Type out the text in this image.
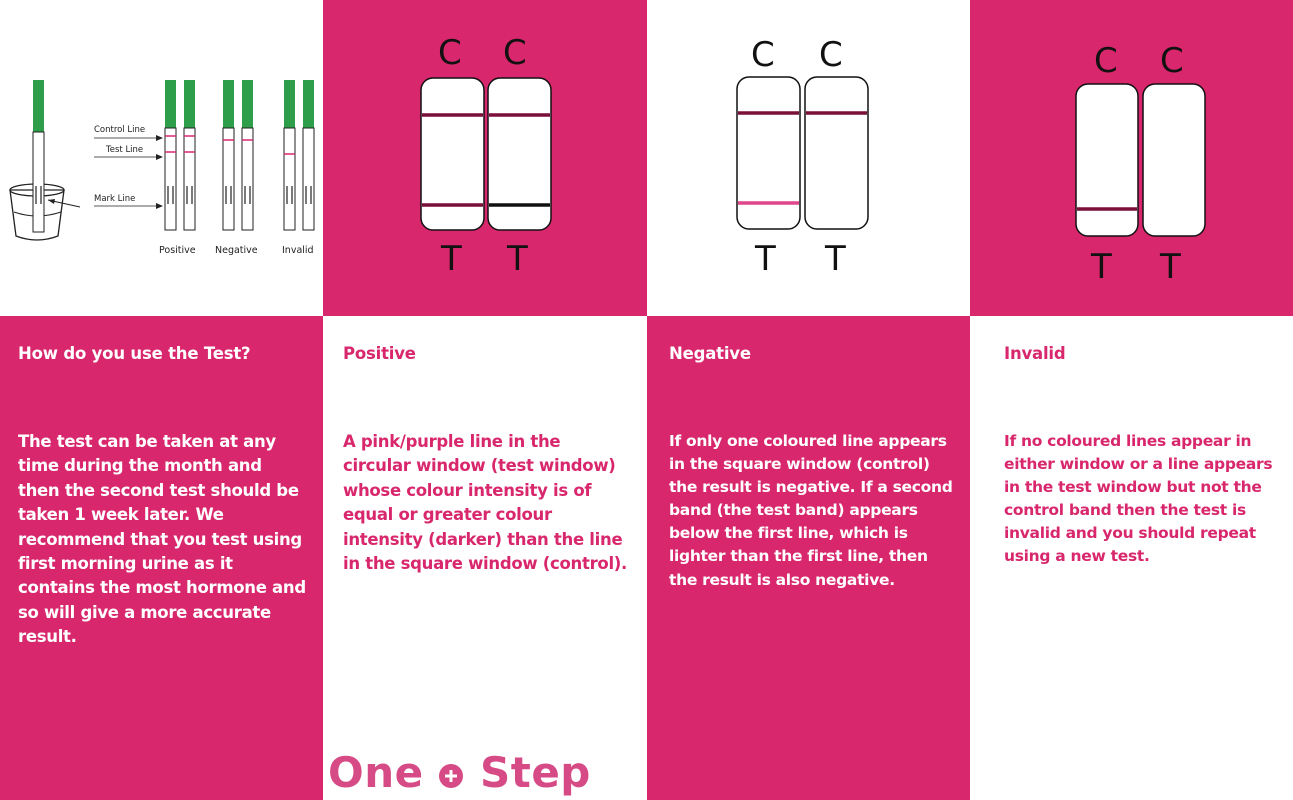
Control Line
Test Line
Mark Line
Positive Negative	Invalid
C C
T T
C C
T T
C C
T T
How do you use the Test?
The test can be taken at any time during the month and then the second test should be taken 1 week later. We recommend that you test using first morning urine as it contains the most hormone and so will give a more accurate result.
Positive
A pink/purple line in the circular window (test window) whose colour intensity is of equal or greater colour intensity (darker) than the line in the square window (control).
One Step
Negative
If only one coloured line appears in the square window (control) the result is negative. If a second band (the test band) appears below the first line, which is lighter than the first line, then the result is also negative.
Invalid
If no coloured lines appear in either window or a line appears in the test window but not the control band then the test is invalid and you should repeat using a new test.
